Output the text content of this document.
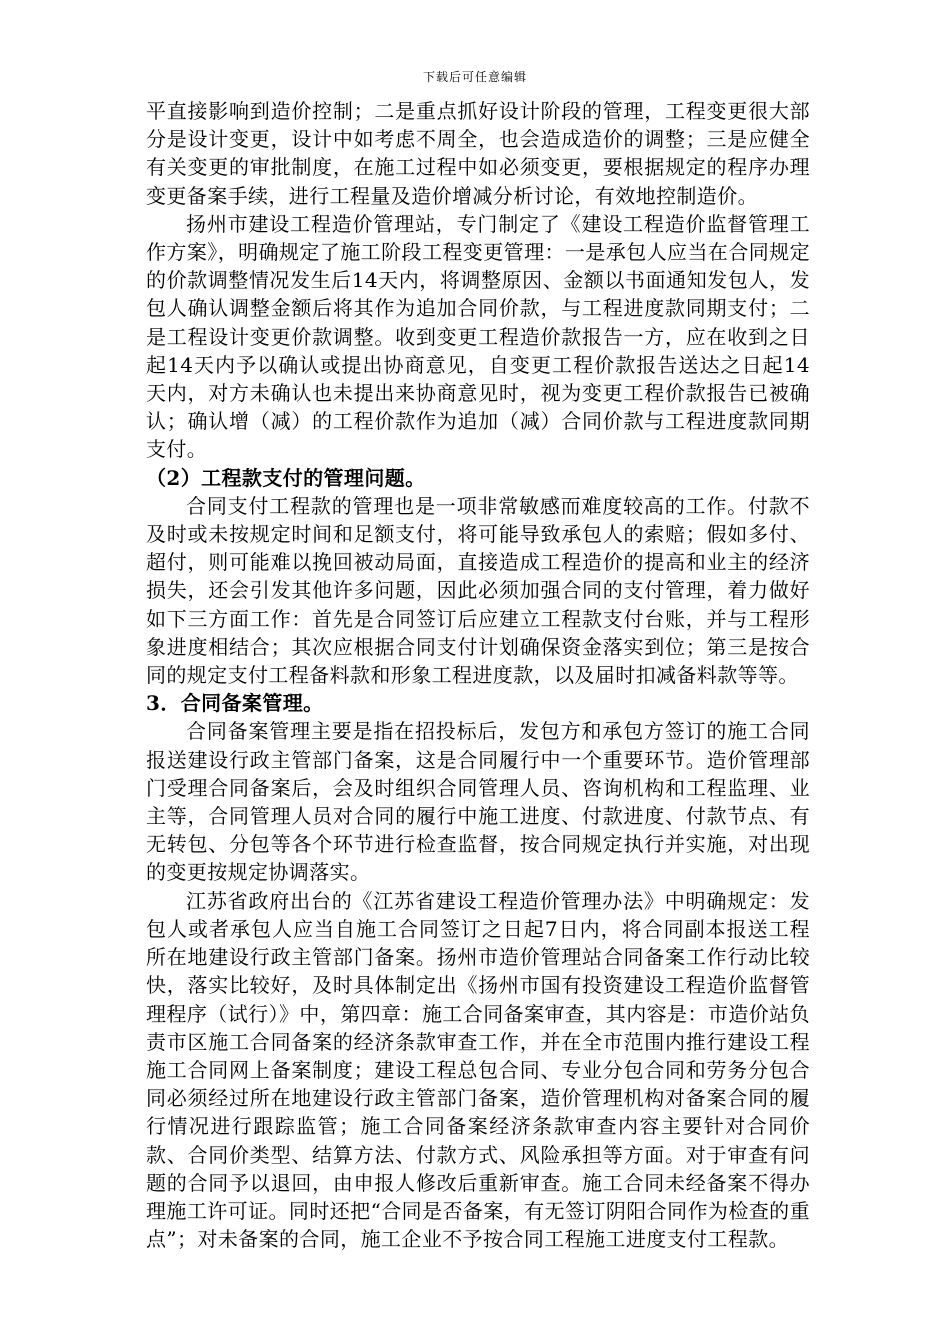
下载后可任意编辑

平直接影响到造价控制；二是重点抓好设计阶段的管理，工程变更很大部分是设计变更，设计中如考虑不周全，也会造成造价的调整；三是应健全有关变更的审批制度，在施工过程中如必须变更，要根据规定的程序办理变更备案手续，进行工程量及造价增减分析讨论，有效地控制造价。

扬州市建设工程造价管理站，专门制定了《建设工程造价监督管理工作方案》，明确规定了施工阶段工程变更管理：一是承包人应当在合同规定的价款调整情况发生后14天内，将调整原因、金额以书面通知发包人，发包人确认调整金额后将其作为追加合同价款，与工程进度款同期支付；二是工程设计变更价款调整。收到变更工程造价款报告一方，应在收到之日起14天内予以确认或提出协商意见，自变更工程价款报告送达之日起14天内，对方未确认也未提出来协商意见时，视为变更工程价款报告已被确认；确认增（减）的工程价款作为追加（减）合同价款与工程进度款同期支付。

（2）工程款支付的管理问题。

合同支付工程款的管理也是一项非常敏感而难度较高的工作。付款不及时或未按规定时间和足额支付，将可能导致承包人的索赔；假如多付、超付，则可能难以挽回被动局面，直接造成工程造价的提高和业主的经济损失，还会引发其他许多问题，因此必须加强合同的支付管理，着力做好如下三方面工作：首先是合同签订后应建立工程款支付台账，并与工程形象进度相结合；其次应根据合同支付计划确保资金落实到位；第三是按合同的规定支付工程备料款和形象工程进度款，以及届时扣减备料款等等。

3．合同备案管理。

合同备案管理主要是指在招投标后，发包方和承包方签订的施工合同报送建设行政主管部门备案，这是合同履行中一个重要环节。造价管理部门受理合同备案后，会及时组织合同管理人员、咨询机构和工程监理、业主等，合同管理人员对合同的履行中施工进度、付款进度、付款节点、有无转包、分包等各个环节进行检查监督，按合同规定执行并实施，对出现的变更按规定协调落实。

江苏省政府出台的《江苏省建设工程造价管理办法》中明确规定：发包人或者承包人应当自施工合同签订之日起7日内，将合同副本报送工程所在地建设行政主管部门备案。扬州市造价管理站合同备案工作行动比较快，落实比较好，及时具体制定出《扬州市国有投资建设工程造价监督管理程序（试行）》中，第四章：施工合同备案审查，其内容是：市造价站负责市区施工合同备案的经济条款审查工作，并在全市范围内推行建设工程施工合同网上备案制度；建设工程总包合同、专业分包合同和劳务分包合同必须经过所在地建设行政主管部门备案，造价管理机构对备案合同的履行情况进行跟踪监管；施工合同备案经济条款审查内容主要针对合同价款、合同价类型、结算方法、付款方式、风险承担等方面。对于审查有问题的合同予以退回，由申报人修改后重新审查。施工合同未经备案不得办理施工许可证。同时还把“合同是否备案，有无签订阴阳合同作为检查的重点”；对未备案的合同，施工企业不予按合同工程施工进度支付工程款。
